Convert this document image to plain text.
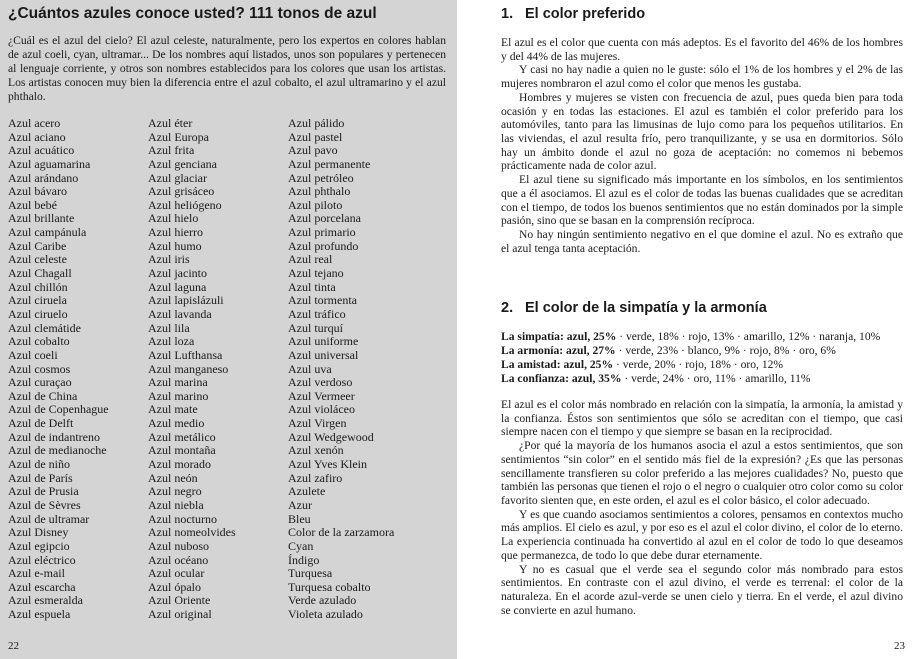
¿Cuántos azules conoce usted? 111 tonos de azul

¿Cuál es el azul del cielo? El azul celeste, naturalmente, pero los expertos en colores hablan de azul coeli, cyan, ultramar... De los nombres aquí listados, unos son populares y pertenecen al lenguaje corriente, y otros son nombres establecidos para los colores que usan los artistas. Los artistas conocen muy bien la diferencia entre el azul cobalto, el azul ultramarino y el azul phthalo.

Azul acero
Azul aciano
Azul acuático
Azul aguamarina
Azul arándano
Azul bávaro
Azul bebé
Azul brillante
Azul campánula
Azul Caribe
Azul celeste
Azul Chagall
Azul chillón
Azul ciruela
Azul ciruelo
Azul clemátide
Azul cobalto
Azul coeli
Azul cosmos
Azul curaçao
Azul de China
Azul de Copenhague
Azul de Delft
Azul de indantreno
Azul de medianoche
Azul de niño
Azul de París
Azul de Prusia
Azul de Sèvres
Azul de ultramar
Azul Disney
Azul egipcio
Azul eléctrico
Azul e-mail
Azul escarcha
Azul esmeralda
Azul espuela
Azul éter
Azul Europa
Azul frita
Azul genciana
Azul glaciar
Azul grisáceo
Azul heliógeno
Azul hielo
Azul hierro
Azul humo
Azul iris
Azul jacinto
Azul laguna
Azul lapislázuli
Azul lavanda
Azul lila
Azul loza
Azul Lufthansa
Azul manganeso
Azul marina
Azul marino
Azul mate
Azul medio
Azul metálico
Azul montaña
Azul morado
Azul neón
Azul negro
Azul niebla
Azul nocturno
Azul nomeolvides
Azul nuboso
Azul océano
Azul ocular
Azul ópalo
Azul Oriente
Azul original
Azul pálido
Azul pastel
Azul pavo
Azul permanente
Azul petróleo
Azul phthalo
Azul piloto
Azul porcelana
Azul primario
Azul profundo
Azul real
Azul tejano
Azul tinta
Azul tormenta
Azul tráfico
Azul turquí
Azul uniforme
Azul universal
Azul uva
Azul verdoso
Azul Vermeer
Azul violáceo
Azul Virgen
Azul Wedgewood
Azul xenón
Azul Yves Klein
Azul zafiro
Azulete
Azur
Bleu
Color de la zarzamora
Cyan
Índigo
Turquesa
Turquesa cobalto
Verde azulado
Violeta azulado
22
1. El color preferido

El azul es el color que cuenta con más adeptos. Es el favorito del 46% de los hombres y del 44% de las mujeres.

Y casi no hay nadie a quien no le guste: sólo el 1% de los hombres y el 2% de las mujeres nombraron el azul como el color que menos les gustaba.

Hombres y mujeres se visten con frecuencia de azul, pues queda bien para toda ocasión y en todas las estaciones. El azul es también el color preferido para los automóviles, tanto para las limusinas de lujo como para los pequeños utilitarios. En las viviendas, el azul resulta frío, pero tranquilizante, y se usa en dormitorios. Sólo hay un ámbito donde el azul no goza de aceptación: no comemos ni bebemos prácticamente nada de color azul.

El azul tiene su significado más importante en los símbolos, en los sentimientos que a él asociamos. El azul es el color de todas las buenas cualidades que se acreditan con el tiempo, de todos los buenos sentimientos que no están dominados por la simple pasión, sino que se basan en la comprensión recíproca.

No hay ningún sentimiento negativo en el que domine el azul. No es extraño que el azul tenga tanta aceptación.

2. El color de la simpatía y la armonía
La simpatía: azul, 25% · verde, 18% · rojo, 13% · amarillo, 12% · naranja, 10%
La armonía: azul, 27% · verde, 23% · blanco, 9% · rojo, 8% · oro, 6%
La amistad: azul, 25% · verde, 20% · rojo, 18% · oro, 12%
La confianza: azul, 35% · verde, 24% · oro, 11% · amarillo, 11%

El azul es el color más nombrado en relación con la simpatía, la armonía, la amistad y la confianza. Éstos son sentimientos que sólo se acreditan con el tiempo, que casi siempre nacen con el tiempo y que siempre se basan en la reciprocidad.

¿Por qué la mayoría de los humanos asocia el azul a estos sentimientos, que son sentimientos “sin color” en el sentido más fiel de la expresión? ¿Es que las personas sencillamente transfieren su color preferido a las mejores cualidades? No, puesto que también las personas que tienen el rojo o el negro o cualquier otro color como su color favorito sienten que, en este orden, el azul es el color básico, el color adecuado.

Y es que cuando asociamos sentimientos a colores, pensamos en contextos mucho más amplios. El cielo es azul, y por eso es el azul el color divino, el color de lo eterno. La experiencia continuada ha convertido al azul en el color de todo lo que deseamos que permanezca, de todo lo que debe durar eternamente.

Y no es casual que el verde sea el segundo color más nombrado para estos sentimientos. En contraste con el azul divino, el verde es terrenal: el color de la naturaleza. En el acorde azul-verde se unen cielo y tierra. En el verde, el azul divino se convierte en azul humano.

23
